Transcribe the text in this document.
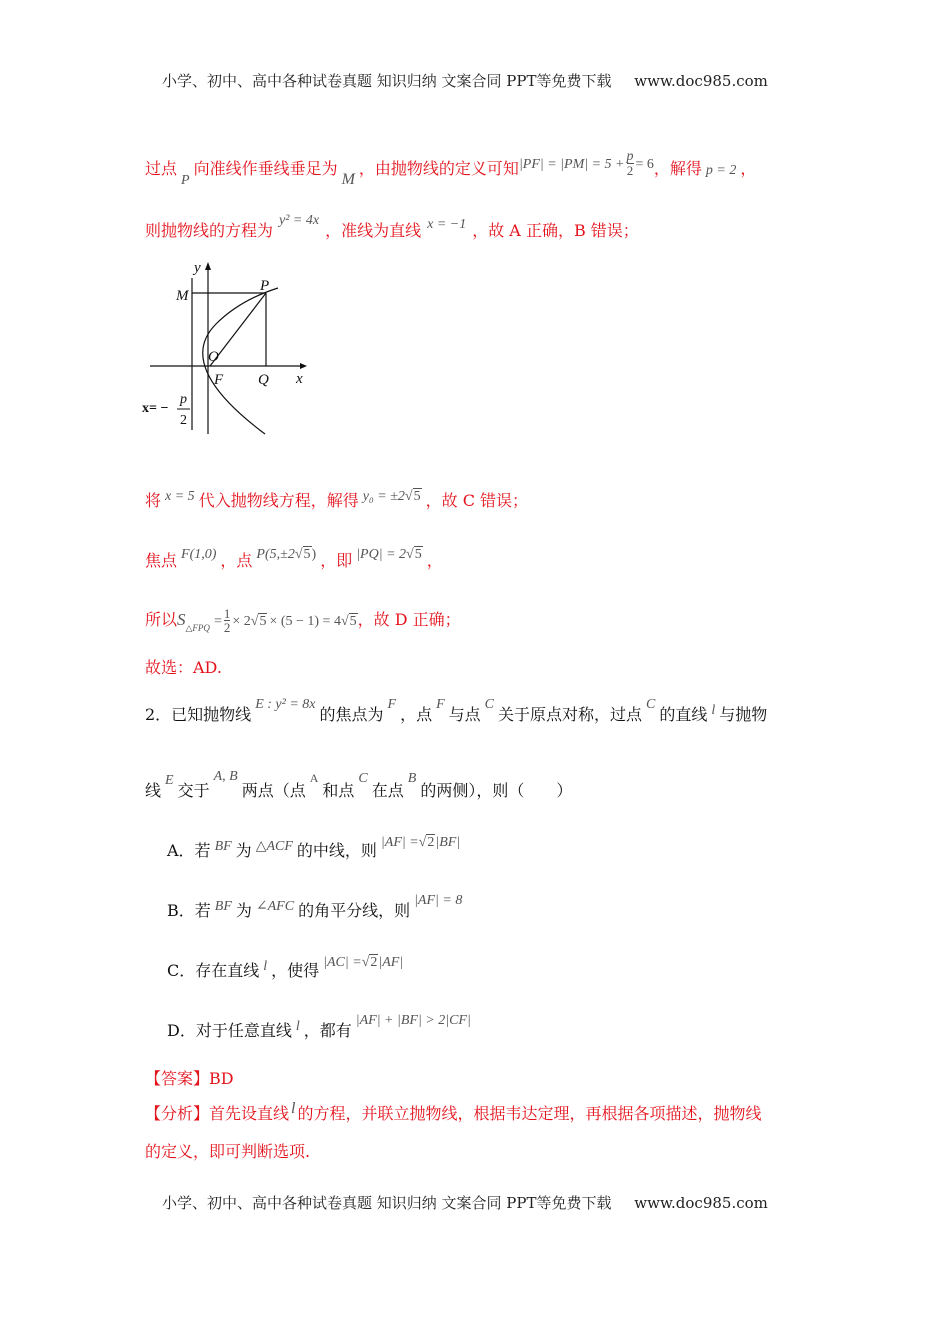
小学、初中、高中各种试卷真题 知识归纳 文案合同 PPT等免费下载 www.doc985.com
过点P向准线作垂线垂足为M，由抛物线的定义可知$|PF| = |PM| = 5 + \frac{p}{2} = 6$，解得 p = 2 ，
则抛物线的方程为y² = 4x，准线为直线 x = −1 ，故 A 正确，B 错误；
y
x
M
P
O
F Q
x= −
p
2
将 x = 5 代入抛物线方程，解得 y₀ = ±2√5 ，故 C 错误；
焦点 F(1,0) ，点 P(5,±2√5) ，即 |PQ| = 2√5 ，
所以$S_{\triangle FPQ} = \frac{1}{2} \times 2√5 \times (5 - 1) = 4√5$，故 D 正确；
故选：AD.
2．已知抛物线E : y² = 8x的焦点为F，点F与点C关于原点对称，过点C的直线 l 与抛物
线E交于A, B两点（点$^A$和点C在点B的两侧），则（　　）
A．若 BF 为 △ACF 的中线，则 |AF| =√2|BF|
B．若 BF 为 ∠AFC 的角平分线，则|AF| = 8
C．存在直线 l ，使得 |AC| =√2|AF|
D．对于任意直线 l ，都有|AF| + |BF| > 2|CF|
【答案】BD
【分析】首先设直线 l 的方程，并联立抛物线，根据韦达定理，再根据各项描述，抛物线
的定义，即可判断选项.
小学、初中、高中各种试卷真题 知识归纳 文案合同 PPT等免费下载 www.doc985.com
